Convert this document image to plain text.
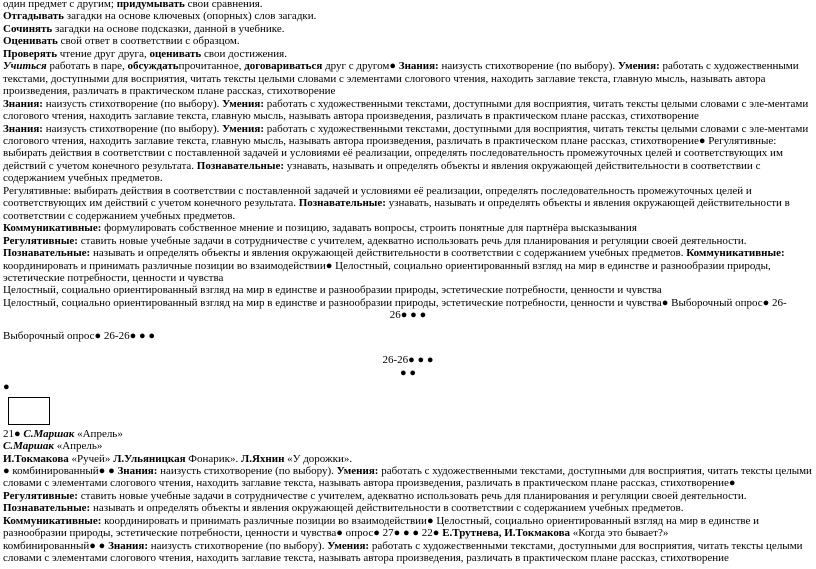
один предмет с другим; придумывать свои сравнения.

Отгадывать загадки на основе ключевых (опорных) слов загадки.

Сочинять загадки на основе подсказки, данной в учебнике.

Оценивать свой ответ в соответствии с образцом.

Проверять чтение друг друга, оценивать свои достижения.

Учиться работать в паре, обсуждатьпрочитанное, договариваться друг с другом● Знания: наизусть стихотворение (по выбору). Умения: работать с художественными текстами, доступными для восприятия, читать тексты целыми словами с элементами слогового чтения, находить заглавие текста, главную мысль, называть автора произведения, различать в практическом плане рассказ, стихотворение

Знания: наизусть стихотворение (по выбору). Умения: работать с художественными текстами, доступными для восприятия, читать тексты целыми словами с эле-ментами слогового чтения, находить заглавие текста, главную мысль, называть автора произведения, различать в практическом плане рассказ, стихотворение

Знания: наизусть стихотворение (по выбору). Умения: работать с художественными текстами, доступными для восприятия, читать тексты целыми словами с эле-ментами слогового чтения, находить заглавие текста, главную мысль, называть автора произведения, различать в практическом плане рассказ, стихотворение● Регулятивные: выбирать действия в соответствии с поставленной задачей и условиями её реализации, определять последовательность промежуточных целей и соответствующих им действий с учетом конечного результата. Познавательные: узнавать, называть и определять объекты и явления окружающей действительности в соответствии с содержанием учебных предметов.

Регулятивные: выбирать действия в соответствии с поставленной задачей и условиями её реализации, определять последовательность промежуточных целей и соответствующих им действий с учетом конечного результата. Познавательные: узнавать, называть и определять объекты и явления окружающей действительности в соответствии с содержанием учебных предметов.

Коммуникативные: формулировать собственное мнение и позицию, задавать вопросы, строить понятные для партнёра высказывания

Регулятивные: ставить новые учебные задачи в сотрудничестве с учителем, адекватно использовать речь для планирования и регуляции своей деятельности.

Познавательные: называть и определять объекты и явления окружающей действительности в соответствии с содержанием учебных предметов. Коммуникативные: координировать и принимать различные позиции во взаимодействии● Целостный, социально ориентированный взгляд на мир в единстве и разнообразии природы, эстетические потребности, ценности и чувства

Целостный, социально ориентированный взгляд на мир в единстве и разнообразии природы, эстетические потребности, ценности и чувства

Целостный, социально ориентированный взгляд на мир в единстве и разнообразии природы, эстетические потребности, ценности и чувства● Выборочный опрос● 26-

26● ● ●

Выборочный опрос● 26-26● ● ●

26-26● ● ●

● ●

●

21● С.Маршак «Апрель»

С.Маршак «Апрель»

И.Токмакова «Ручей» Л.Ульяницкая Фонарик». Л.Яхнин «У дорожки».

● комбинированный● ● Знания: наизусть стихотворение (по выбору). Умения: работать с художественными текстами, доступными для восприятия, читать тексты целыми словами с элементами слогового чтения, находить заглавие текста, называть автора произведения, различать в практическом плане рассказ, стихотворение● Регулятивные: ставить новые учебные задачи в сотрудничестве с учителем, адекватно использовать речь для планирования и регуляции своей деятельности. Познавательные: называть и определять объекты и явления окружающей действительности в соответствии с содержанием учебных предметов.

Коммуникативные: координировать и принимать различные позиции во взаимодействии● Целостный, социально ориентированный взгляд на мир в единстве и разнообразии природы, эстетические потребности, ценности и чувства● опрос● 27● ● ● 22● Е.Трутнева, И.Токмакова «Когда это бывает?»

комбинированный● ● Знания: наизусть стихотворение (по выбору). Умения: работать с художественными текстами, доступными для восприятия, читать тексты целыми словами с элементами слогового чтения, находить заглавие текста, называть автора произведения, различать в практическом плане рассказ, стихотворение
